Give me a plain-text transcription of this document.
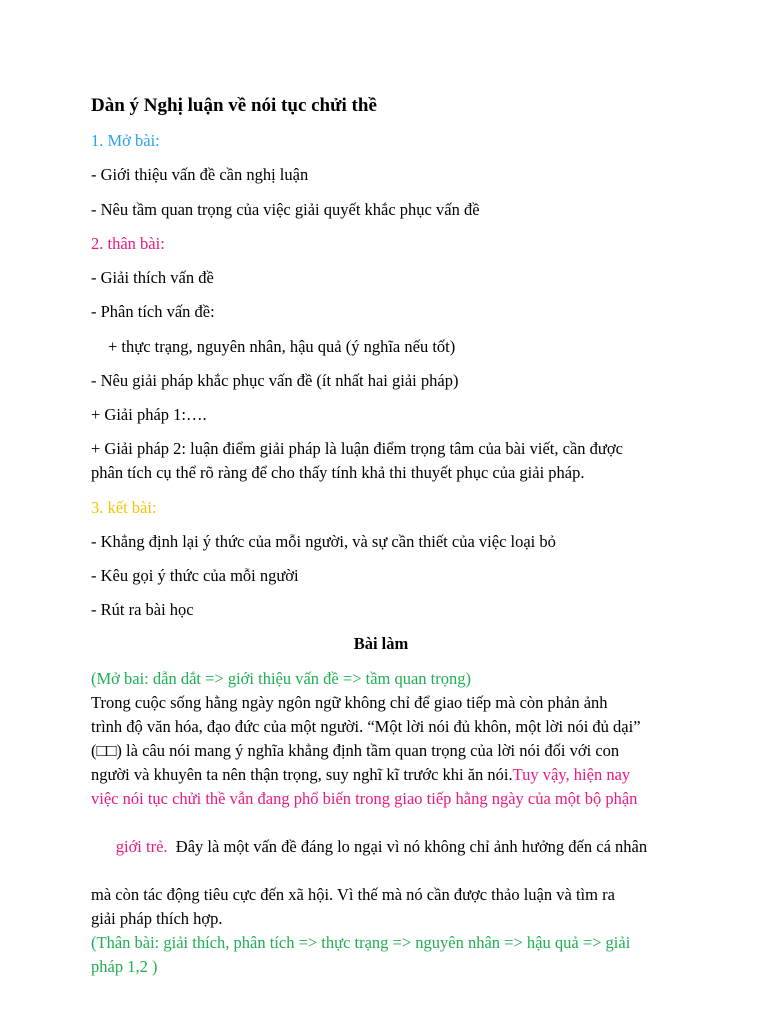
Dàn ý Nghị luận về nói tục chửi thề
1. Mở bài:
- Giới thiệu vấn đề cần nghị luận
- Nêu tầm quan trọng của việc giải quyết khắc phục vấn đề
2. thân bài:
- Giải thích vấn đề
- Phân tích vấn đề:
+ thực trạng, nguyên nhân, hậu quả (ý nghĩa nếu tốt)
- Nêu giải pháp khắc phục vấn đề (ít nhất hai giải pháp)
+ Giải pháp 1:….
+ Giải pháp 2: luận điểm giải pháp là luận điểm trọng tâm của bài viết, cần được
phân tích cụ thể rõ ràng để cho thấy tính khả thi thuyết phục của giải pháp.
3. kết bài:
- Khẳng định lại ý thức của mỗi người, và sự cần thiết của việc loại bỏ
- Kêu gọi ý thức của mỗi người
- Rút ra bài học
Bài làm
(Mở bai: dẫn dắt => giới thiệu vấn đề => tầm quan trọng)
Trong cuộc sống hằng ngày ngôn ngữ không chỉ để giao tiếp mà còn phản ảnh
trình độ văn hóa, đạo đức của một người. “Một lời nói đủ khôn, một lời nói đủ dại”
(□□) là câu nói mang ý nghĩa khẳng định tầm quan trọng của lời nói đối với con
người và khuyên ta nên thận trọng, suy nghĩ kĩ trước khi ăn nói.Tuy vậy, hiện nay
việc nói tục chửi thề vẫn đang phổ biến trong giao tiếp hằng ngày của một bộ phận

giới trẻ.  Đây là một vấn đề đáng lo ngại vì nó không chỉ ảnh hưởng đến cá nhân

mà còn tác động tiêu cực đến xã hội. Vì thế mà nó cần được thảo luận và tìm ra
giải pháp thích hợp.
(Thân bài: giải thích, phân tích => thực trạng => nguyên nhân => hậu quả => giải
pháp 1,2 )
